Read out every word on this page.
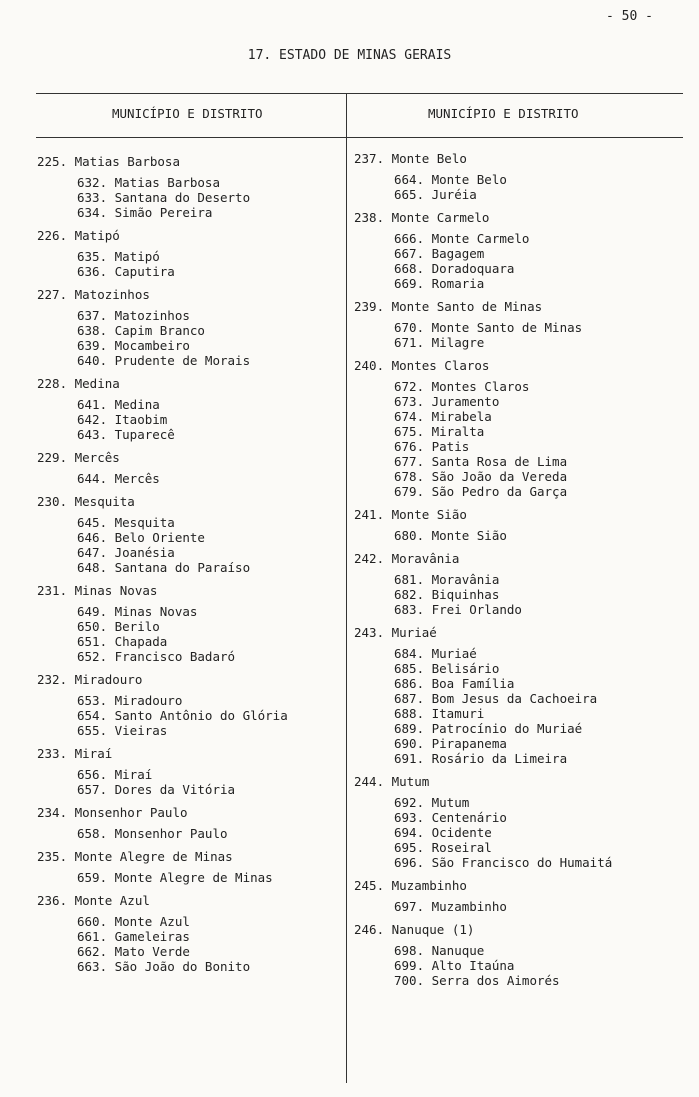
- 50 -
17. ESTADO DE MINAS GERAIS
MUNICÍPIO E DISTRITO	MUNICÍPIO E DISTRITO
225. Matias Barbosa
632. Matias Barbosa
633. Santana do Deserto
634. Simão Pereira
226. Matipó
635. Matipó
636. Caputira
227. Matozinhos
637. Matozinhos
638. Capim Branco
639. Mocambeiro
640. Prudente de Morais
228. Medina
641. Medina
642. Itaobim
643. Tuparecê
229. Mercês
644. Mercês
230. Mesquita
645. Mesquita
646. Belo Oriente
647. Joanésia
648. Santana do Paraíso
231. Minas Novas
649. Minas Novas
650. Berilo
651. Chapada
652. Francisco Badaró
232. Miradouro
653. Miradouro
654. Santo Antônio do Glória
655. Vieiras
233. Miraí
656. Miraí
657. Dores da Vitória
234. Monsenhor Paulo
658. Monsenhor Paulo
235. Monte Alegre de Minas
659. Monte Alegre de Minas
236. Monte Azul
660. Monte Azul
661. Gameleiras
662. Mato Verde
663. São João do Bonito
237. Monte Belo
664. Monte Belo
665. Juréia
238. Monte Carmelo
666. Monte Carmelo
667. Bagagem
668. Doradoquara
669. Romaria
239. Monte Santo de Minas
670. Monte Santo de Minas
671. Milagre
240. Montes Claros
672. Montes Claros
673. Juramento
674. Mirabela
675. Miralta
676. Patis
677. Santa Rosa de Lima
678. São João da Vereda
679. São Pedro da Garça
241. Monte Sião
680. Monte Sião
242. Moravânia
681. Moravânia
682. Biquinhas
683. Frei Orlando
243. Muriaé
684. Muriaé
685. Belisário
686. Boa Família
687. Bom Jesus da Cachoeira
688. Itamuri
689. Patrocínio do Muriaé
690. Pirapanema
691. Rosário da Limeira
244. Mutum
692. Mutum
693. Centenário
694. Ocidente
695. Roseiral
696. São Francisco do Humaitá
245. Muzambinho
697. Muzambinho
246. Nanuque (1)
698. Nanuque
699. Alto Itaúna
700. Serra dos Aimorés
